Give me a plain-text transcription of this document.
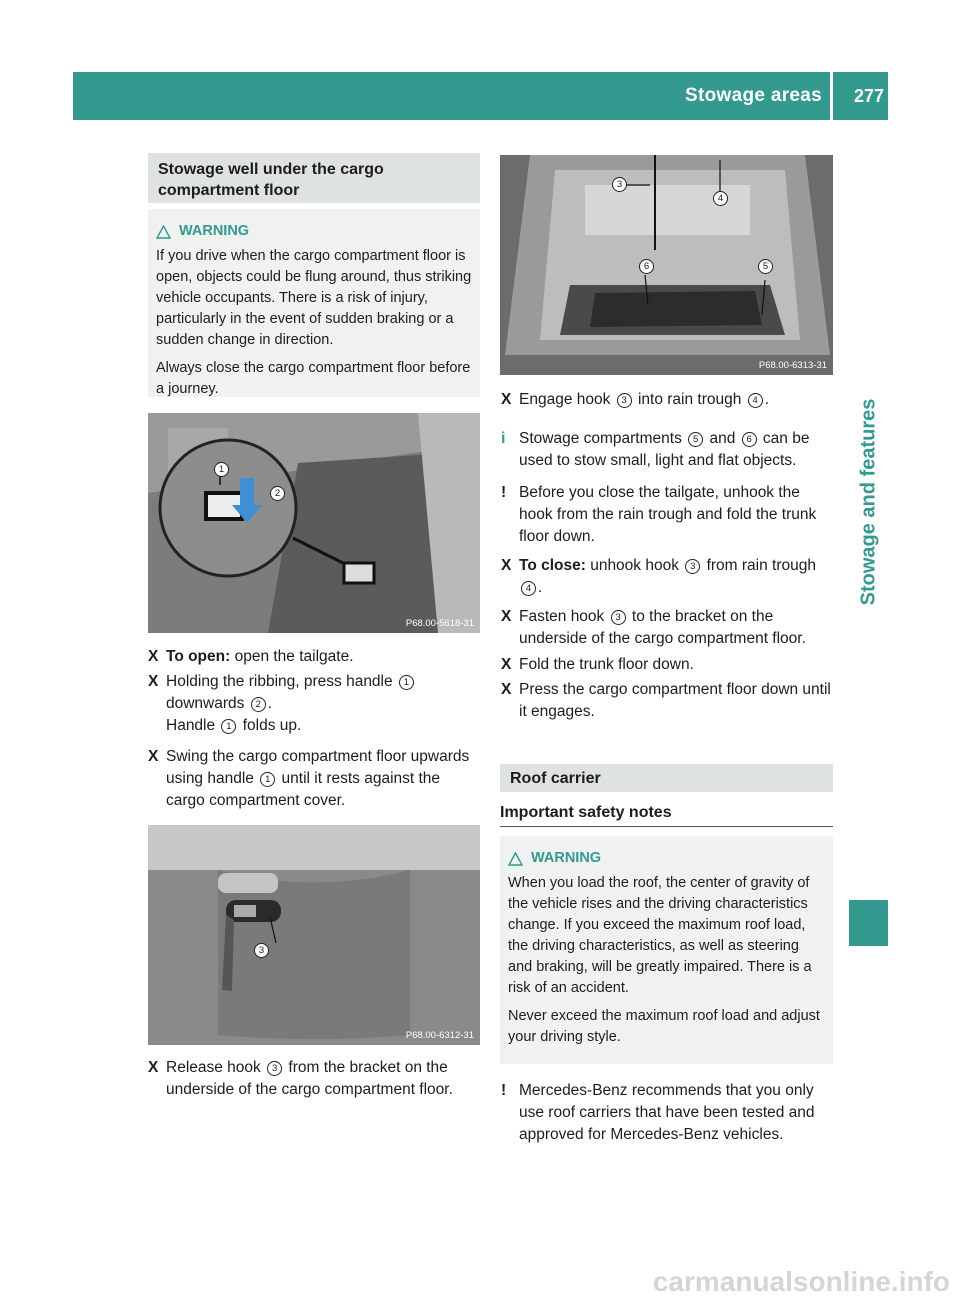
Stowage areas 277
Stowage and features
Stowage well under the cargo
compartment floor
WARNING

If you drive when the cargo compartment floor is open, objects could be flung around, thus striking vehicle occupants. There is a risk of injury, particularly in the event of sudden braking or a sudden change in direction.

Always close the cargo compartment floor before a journey.

1
2
P68.00-5618-31
X To open: open the tailgate.
X Holding the ribbing, press handle 1 downwards 2 .
Handle 1 folds up.
X Swing the cargo compartment floor upwards using handle 1 until it rests against the cargo compartment cover.
3
P68.00-6312-31
X Release hook 3 from the bracket on the underside of the cargo compartment floor.
3
4
6	5
P68.00-6313-31
X Engage hook 3 into rain trough 4 .
i Stowage compartments 5 and 6 can be used to stow small, light and flat objects.
! Before you close the tailgate, unhook the hook from the rain trough and fold the trunk floor down.
X To close: unhook hook 3 from rain trough 4 .
X Fasten hook 3 to the bracket on the underside of the cargo compartment floor.
X Fold the trunk floor down.
X Press the cargo compartment floor down until it engages.
Roof carrier
Important safety notes
WARNING

When you load the roof, the center of gravity of the vehicle rises and the driving characteristics change. If you exceed the maximum roof load, the driving characteristics, as well as steering and braking, will be greatly impaired. There is a risk of an accident.

Never exceed the maximum roof load and adjust your driving style.

! Mercedes-Benz recommends that you only use roof carriers that have been tested and approved for Mercedes-Benz vehicles.
carmanualsonline.info
